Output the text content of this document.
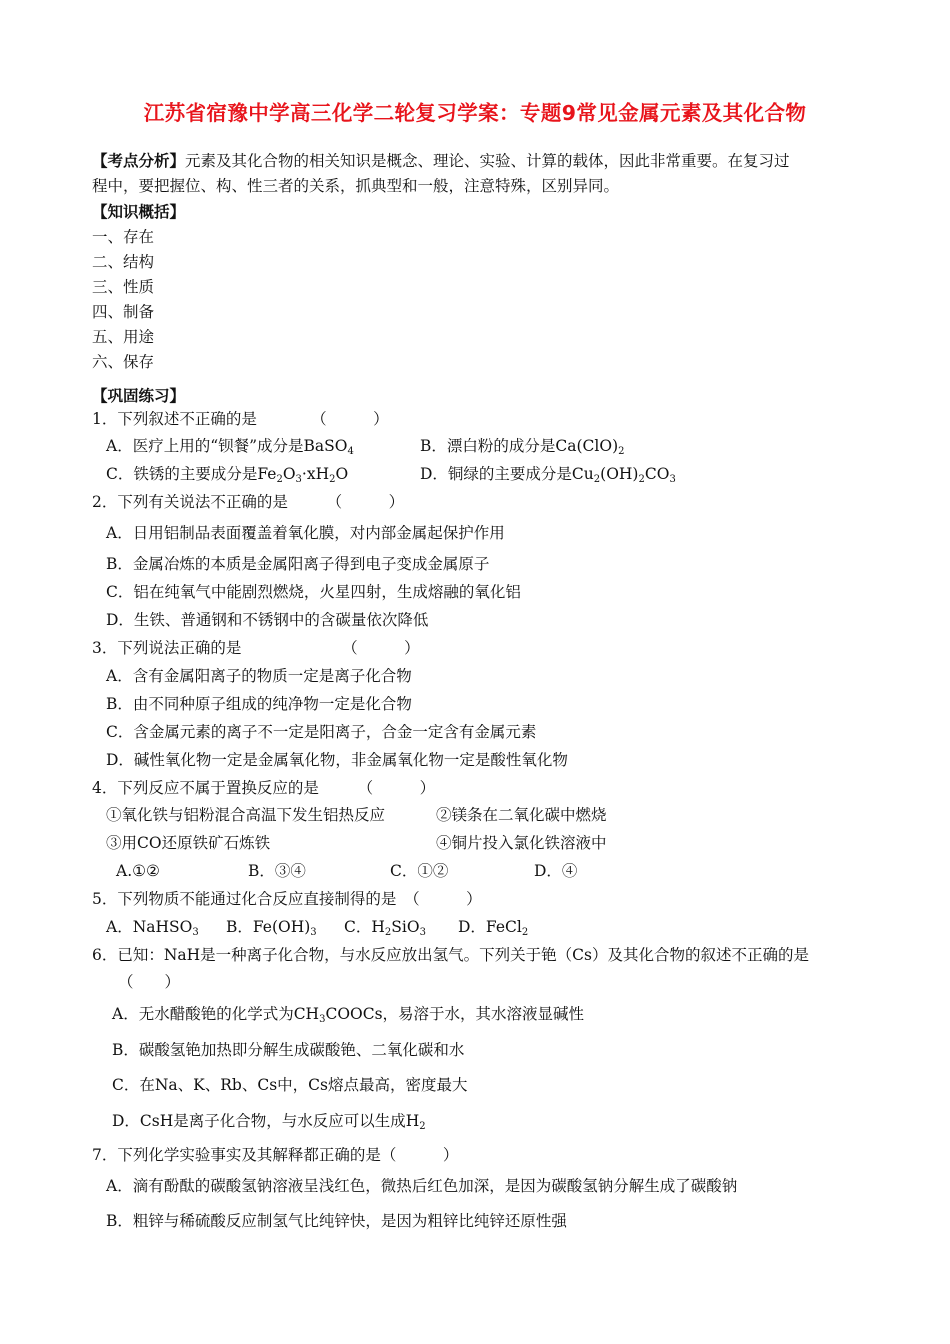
江苏省宿豫中学高三化学二轮复习学案：专题9常见金属元素及其化合物
【考点分析】元素及其化合物的相关知识是概念、理论、实验、计算的载体，因此非常重要。在复习过
程中，要把握位、构、性三者的关系，抓典型和一般，注意特殊，区别异同。
【知识概括】
一、存在
二、结构
三、性质
四、制备
五、用途
六、保存
【巩固练习】
1．下列叙述不正确的是　　　　（　　　）
A．医疗上用的“钡餐”成分是BaSO$_4$	B．漂白粉的成分是$Ca(ClO)_2$
C．铁锈的主要成分是$Fe_2O_3\cdot xH_2O$	D．铜绿的主要成分是$Cu_2(OH)_2CO_3$
2．下列有关说法不正确的是　　　（　　　）
A．日用铝制品表面覆盖着氧化膜，对内部金属起保护作用
B．金属冶炼的本质是金属阳离子得到电子变成金属原子
C．铝在纯氧气中能剧烈燃烧，火星四射，生成熔融的氧化铝
D．生铁、普通钢和不锈钢中的含碳量依次降低
3．下列说法正确的是　　　　　　　（　　　）
A．含有金属阳离子的物质一定是离子化合物
B．由不同种原子组成的纯净物一定是化合物
C．含金属元素的离子不一定是阳离子，合金一定含有金属元素
D．碱性氧化物一定是金属氧化物，非金属氧化物一定是酸性氧化物
4．下列反应不属于置换反应的是　　　（　　　）
①氧化铁与铝粉混合高温下发生铝热反应	②镁条在二氧化碳中燃烧
③用CO还原铁矿石炼铁	④铜片投入氯化铁溶液中
A.①②	B．③④	C．①②	D．④
5．下列物质不能通过化合反应直接制得的是　（　　　）
A．NaHSO$_3$ B．$Fe(OH)_3$ C．$H_2SiO_3$ D．FeCl$_2$
6．已知：NaH是一种离子化合物，与水反应放出氢气。下列关于铯（Cs）及其化合物的叙述不正确的是
（　　）
A．无水醋酸铯的化学式为$CH_3COOCs$，易溶于水，其水溶液显碱性
B．碳酸氢铯加热即分解生成碳酸铯、二氧化碳和水
C．在Na、K、Rb、Cs中，Cs熔点最高，密度最大
D．CsH是离子化合物，与水反应可以生成$H_2$
7．下列化学实验事实及其解释都正确的是（　　　）
A．滴有酚酞的碳酸氢钠溶液呈浅红色，微热后红色加深，是因为碳酸氢钠分解生成了碳酸钠
B．粗锌与稀硫酸反应制氢气比纯锌快，是因为粗锌比纯锌还原性强
